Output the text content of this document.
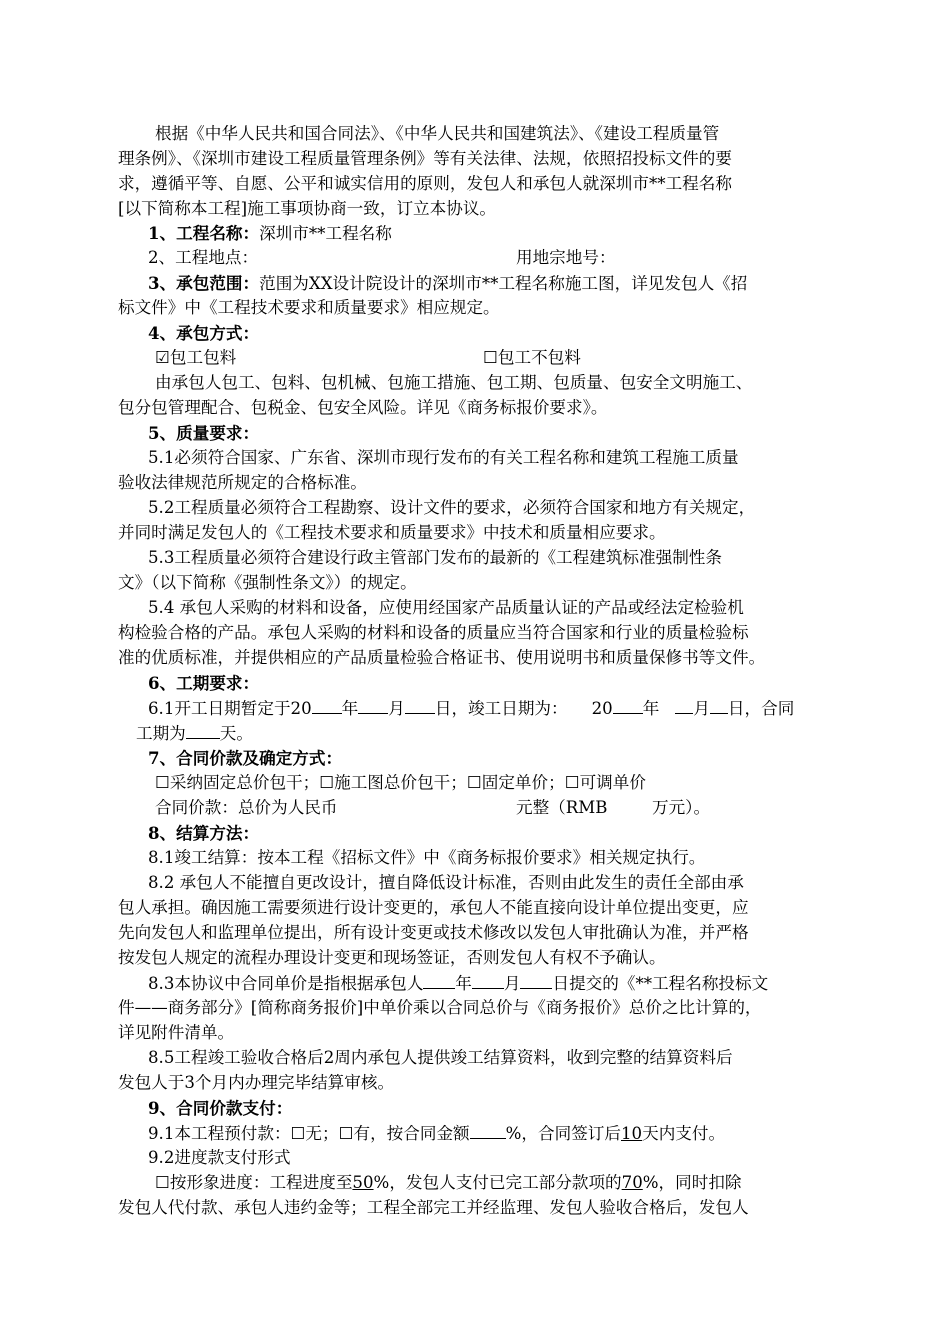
根据《中华人民共和国合同法》、《中华人民共和国建筑法》、《建设工程质量管
理条例》、《深圳市建设工程质量管理条例》等有关法律、法规，依照招投标文件的要
求，遵循平等、自愿、公平和诚实信用的原则，发包人和承包人就深圳市**工程名称
[以下简称本工程]施工事项协商一致，订立本协议。
1、工程名称：深圳市**工程名称
2、工程地点：	用地宗地号：
3、承包范围：范围为XX设计院设计的深圳市**工程名称施工图，详见发包人《招
标文件》中《工程技术要求和质量要求》相应规定。
4、承包方式：
☑包工包料	☐包工不包料
由承包人包工、包料、包机械、包施工措施、包工期、包质量、包安全文明施工、
包分包管理配合、包税金、包安全风险。详见《商务标报价要求》。
5、质量要求：
5.1必须符合国家、广东省、深圳市现行发布的有关工程名称和建筑工程施工质量
验收法律规范所规定的合格标准。
5.2工程质量必须符合工程勘察、设计文件的要求，必须符合国家和地方有关规定，
并同时满足发包人的《工程技术要求和质量要求》中技术和质量相应要求。
5.3工程质量必须符合建设行政主管部门发布的最新的《工程建筑标准强制性条
文》（以下简称《强制性条文》）的规定。
5.4 承包人采购的材料和设备，应使用经国家产品质量认证的产品或经法定检验机
构检验合格的产品。承包人采购的材料和设备的质量应当符合国家和行业的质量检验标
准的优质标准，并提供相应的产品质量检验合格证书、使用说明书和质量保修书等文件。
6、工期要求：
6.1开工日期暂定于20 年 月 日，竣工日期为： 20 年 月 日，合同
工期为 天。
7、合同价款及确定方式：
☐采纳固定总价包干；☐施工图总价包干；☐固定单价；☐可调单价
合同价款：总价为人民币	元整（RMB	万元）。
8、结算方法：
8.1竣工结算：按本工程《招标文件》中《商务标报价要求》相关规定执行。
8.2 承包人不能擅自更改设计，擅自降低设计标准，否则由此发生的责任全部由承
包人承担。确因施工需要须进行设计变更的，承包人不能直接向设计单位提出变更，应
先向发包人和监理单位提出，所有设计变更或技术修改以发包人审批确认为准，并严格
按发包人规定的流程办理设计变更和现场签证，否则发包人有权不予确认。
8.3本协议中合同单价是指根据承包人 年 月 日提交的《**工程名称投标文
件——商务部分》[简称商务报价]中单价乘以合同总价与《商务报价》总价之比计算的，
详见附件清单。
8.5工程竣工验收合格后2周内承包人提供竣工结算资料，收到完整的结算资料后
发包人于3个月内办理完毕结算审核。
9、合同价款支付：
9.1本工程预付款：☐无；☐有，按合同金额 %，合同签订后10天内支付。
9.2进度款支付形式
☐按形象进度：工程进度至50%，发包人支付已完工部分款项的70%，同时扣除
发包人代付款、承包人违约金等；工程全部完工并经监理、发包人验收合格后，发包人
